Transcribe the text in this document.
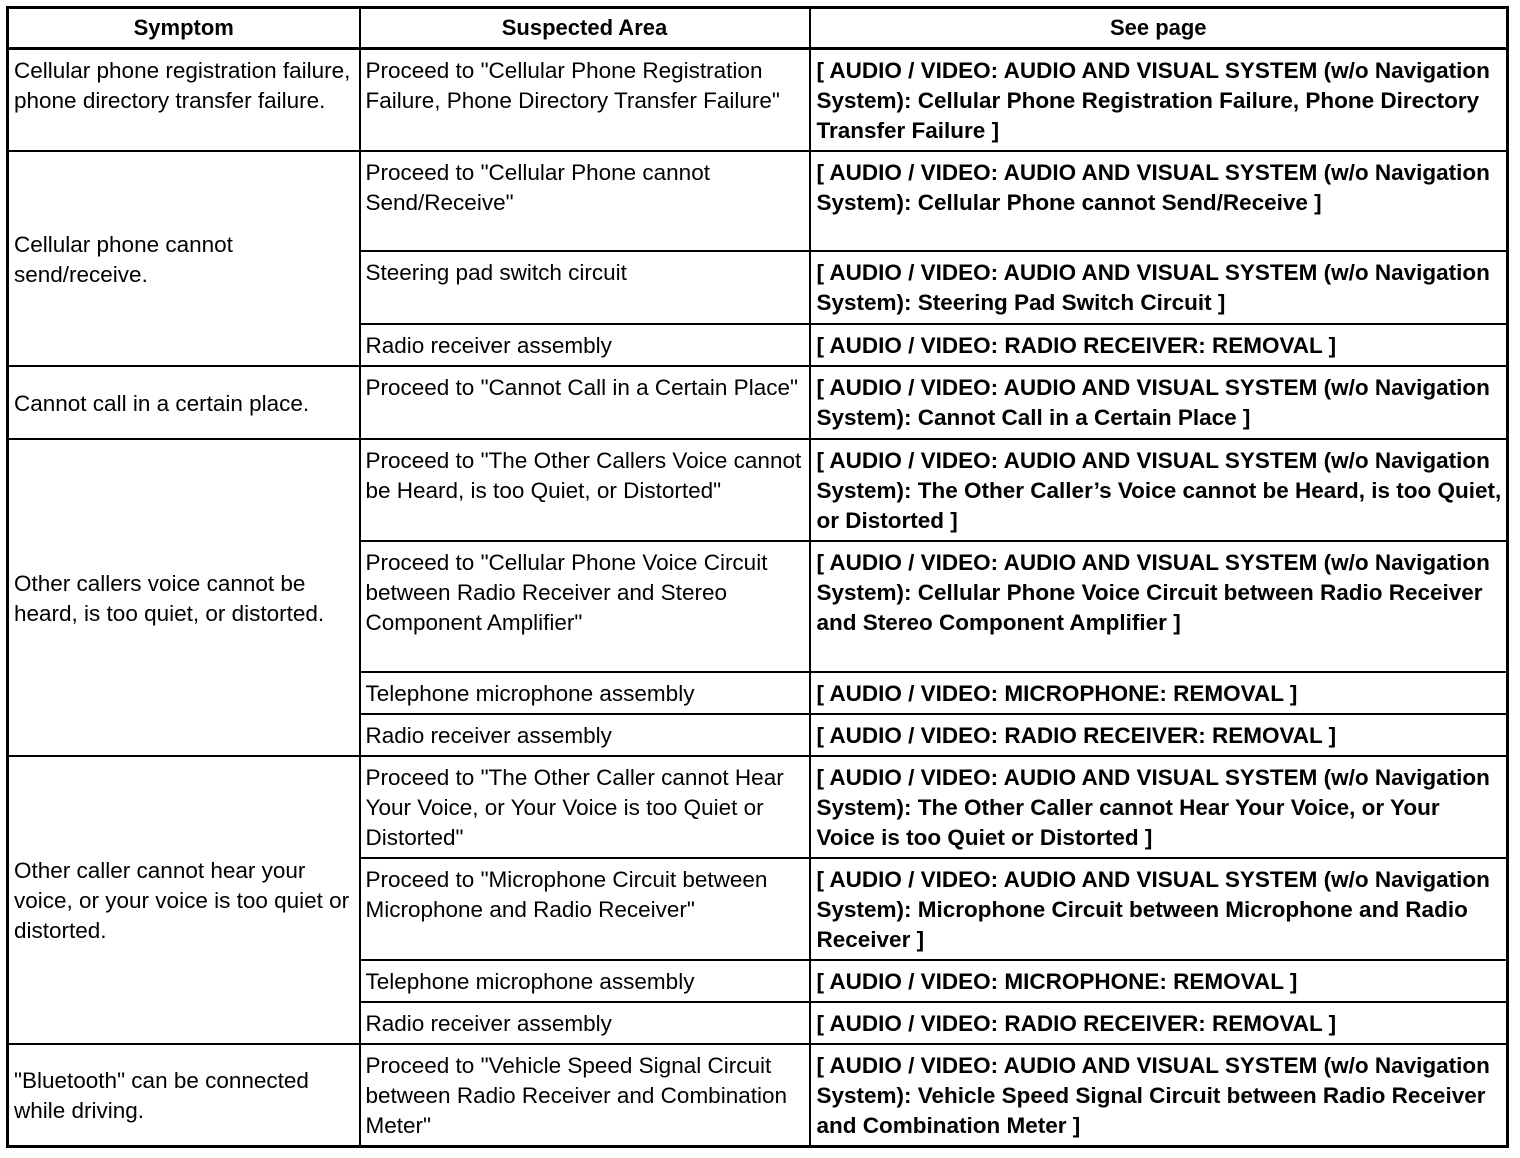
Symptom	Suspected Area	See page
Cellular phone registration failure, phone directory transfer failure.	Proceed to "Cellular Phone Registration Failure, Phone Directory Transfer Failure"	[ AUDIO / VIDEO: AUDIO AND VISUAL SYSTEM (w/o Navigation System): Cellular Phone Registration Failure, Phone Directory Transfer Failure ]
Cellular phone cannot send/receive.	Proceed to "Cellular Phone cannot Send/Receive"	[ AUDIO / VIDEO: AUDIO AND VISUAL SYSTEM (w/o Navigation System): Cellular Phone cannot Send/Receive ]
	Steering pad switch circuit	[ AUDIO / VIDEO: AUDIO AND VISUAL SYSTEM (w/o Navigation System): Steering Pad Switch Circuit ]
	Radio receiver assembly	[ AUDIO / VIDEO: RADIO RECEIVER: REMOVAL ]
Cannot call in a certain place.	Proceed to "Cannot Call in a Certain Place"	[ AUDIO / VIDEO: AUDIO AND VISUAL SYSTEM (w/o Navigation System): Cannot Call in a Certain Place ]
Other callers voice cannot be heard, is too quiet, or distorted.	Proceed to "The Other Callers Voice cannot be Heard, is too Quiet, or Distorted"	[ AUDIO / VIDEO: AUDIO AND VISUAL SYSTEM (w/o Navigation System): The Other Caller’s Voice cannot be Heard, is too Quiet, or Distorted ]
	Proceed to "Cellular Phone Voice Circuit between Radio Receiver and Stereo Component Amplifier"	[ AUDIO / VIDEO: AUDIO AND VISUAL SYSTEM (w/o Navigation System): Cellular Phone Voice Circuit between Radio Receiver and Stereo Component Amplifier ]
	Telephone microphone assembly	[ AUDIO / VIDEO: MICROPHONE: REMOVAL ]
	Radio receiver assembly	[ AUDIO / VIDEO: RADIO RECEIVER: REMOVAL ]
Other caller cannot hear your voice, or your voice is too quiet or distorted.	Proceed to "The Other Caller cannot Hear Your Voice, or Your Voice is too Quiet or Distorted"	[ AUDIO / VIDEO: AUDIO AND VISUAL SYSTEM (w/o Navigation System): The Other Caller cannot Hear Your Voice, or Your Voice is too Quiet or Distorted ]
	Proceed to "Microphone Circuit between Microphone and Radio Receiver"	[ AUDIO / VIDEO: AUDIO AND VISUAL SYSTEM (w/o Navigation System): Microphone Circuit between Microphone and Radio Receiver ]
	Telephone microphone assembly	[ AUDIO / VIDEO: MICROPHONE: REMOVAL ]
	Radio receiver assembly	[ AUDIO / VIDEO: RADIO RECEIVER: REMOVAL ]
"Bluetooth" can be connected while driving.	Proceed to "Vehicle Speed Signal Circuit between Radio Receiver and Combination Meter"	[ AUDIO / VIDEO: AUDIO AND VISUAL SYSTEM (w/o Navigation System): Vehicle Speed Signal Circuit between Radio Receiver and Combination Meter ]
